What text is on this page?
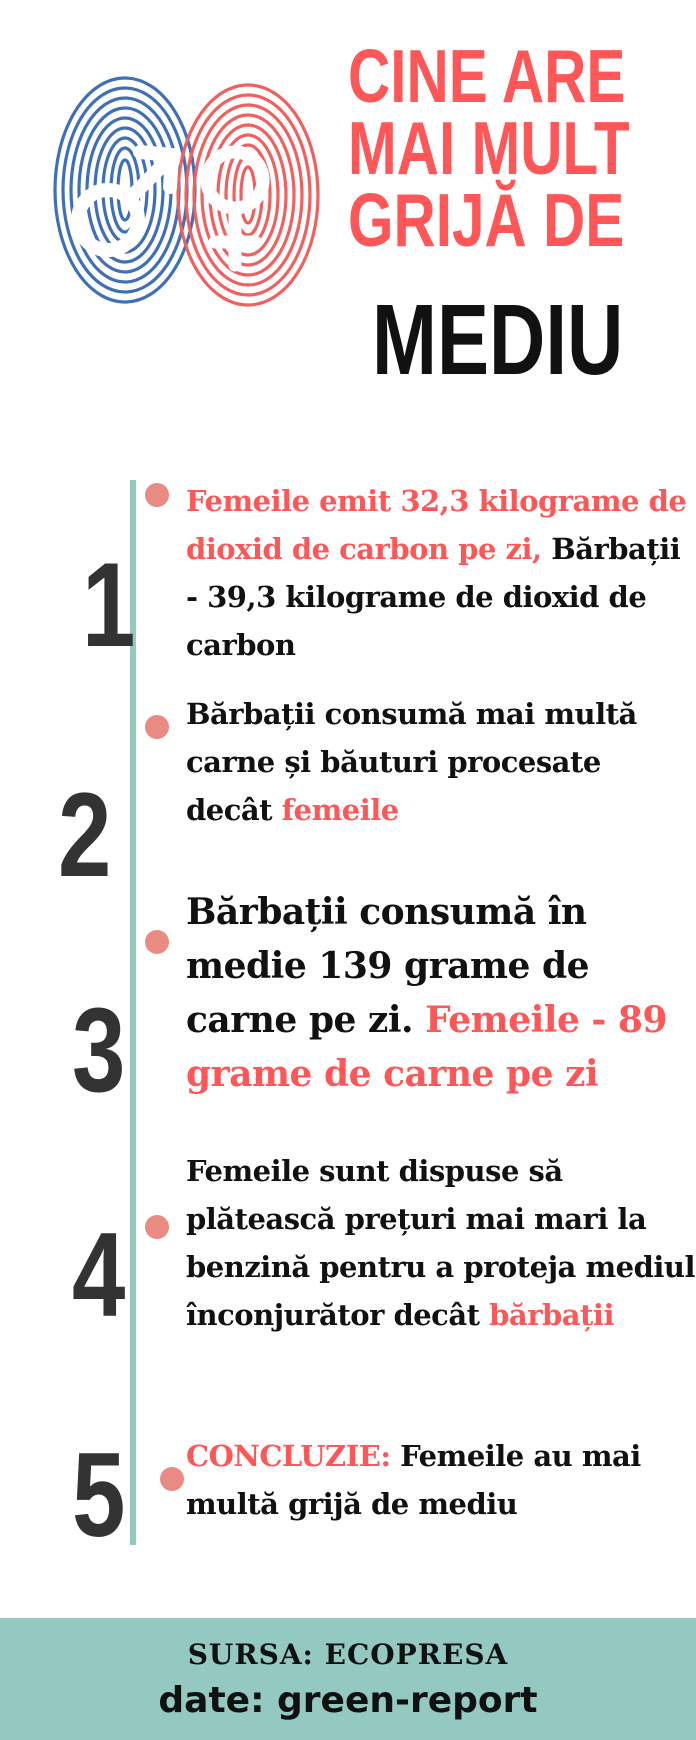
CINE ARE
MAI MULT
GRIJĂ DE
MEDIU
1
Femeile emit 32,3 kilograme de dioxid de carbon pe zi, Bărbații - 39,3 kilograme de dioxid de carbon
2
Bărbații consumă mai multă carne și băuturi procesate decât femeile
3
Bărbații consumă în medie 139 grame de carne pe zi. Femeile - 89 grame de carne pe zi
4
Femeile sunt dispuse să plătească prețuri mai mari la benzină pentru a proteja mediul înconjurător decât bărbații
5 CONCLUZIE: Femeile au mai multă grijă de mediu
SURSA: ECOPRESA
date: green-report
